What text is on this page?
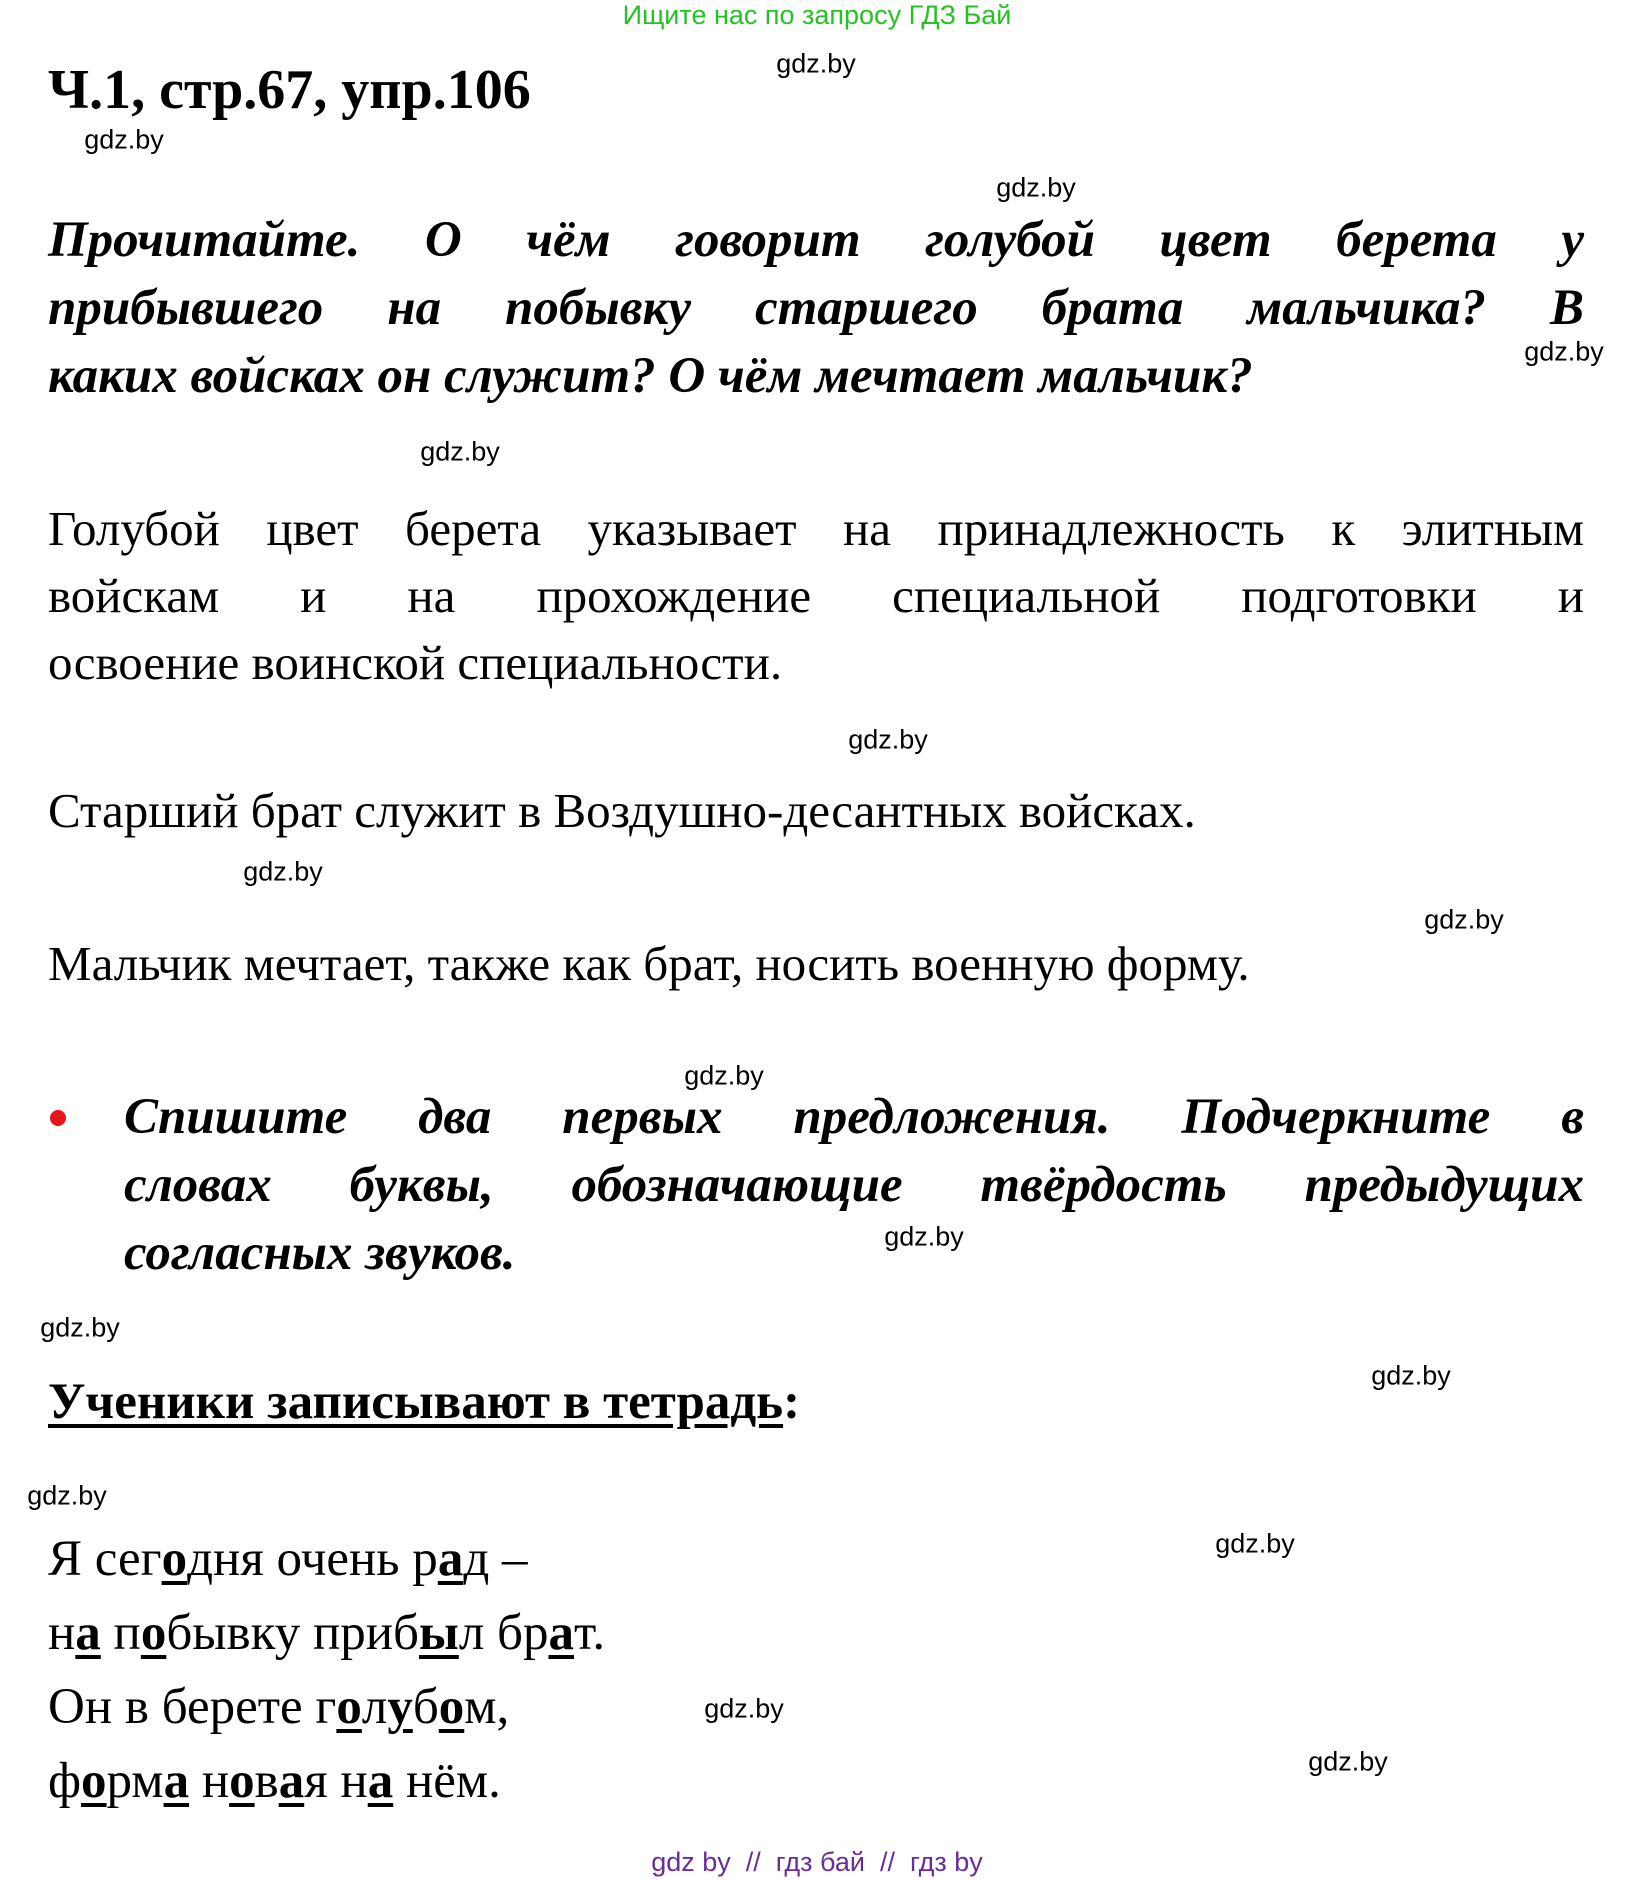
Ищите нас по запросу ГДЗ Бай
Ч.1, стр.67, упр.106
Прочитайте. О чём говорит голубой цвет берета у
прибывшего на побывку старшего брата мальчика? В
каких войсках он служит? О чём мечтает мальчик?
Голубой цвет берета указывает на принадлежность к элитным
войскам и на прохождение специальной подготовки и
освоение воинской специальности.
Старший брат служит в Воздушно-десантных войсках.
Мальчик мечтает, также как брат, носить военную форму.
Спишите два первых предложения. Подчеркните в
словах буквы, обозначающие твёрдость предыдущих
согласных звуков.
Ученики записывают в тетрадь:
Я сегодня очень рад –
на побывку прибыл брат.
Он в берете голубом,
форма новая на нём.
gdz by  //  гдз бай  //  гдз by
gdz.by
gdz.by
gdz.by
gdz.by
gdz.by
gdz.by
gdz.by
gdz.by
gdz.by
gdz.by
gdz.by
gdz.by
gdz.by
gdz.by
gdz.by
gdz.by
